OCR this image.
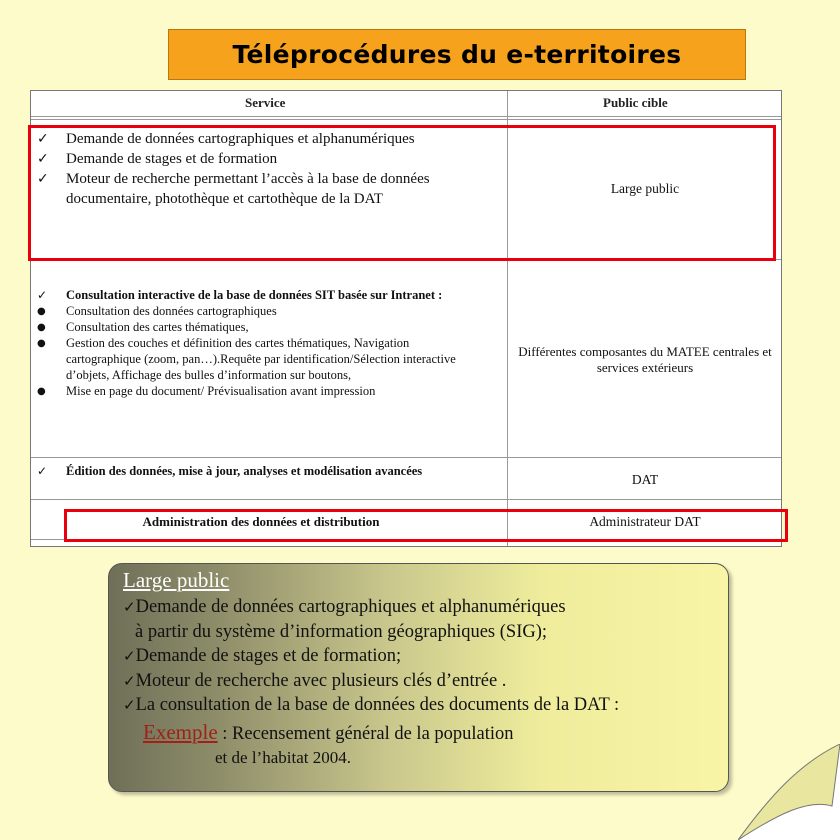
Téléprocédures du e-territoires
Service	Public cible
✓ Demande de données cartographiques et alphanumériques
✓ Demande de stages et de formation
✓ Moteur de recherche permettant l’accès à la base de données documentaire, photothèque et cartothèque de la DAT
Large public
✓ Consultation interactive de la base de données SIT basée sur Intranet :
● Consultation des données cartographiques
● Consultation des cartes thématiques,
● Gestion des couches et définition des cartes thématiques, Navigation cartographique (zoom, pan…).Requête par identification/Sélection interactive d’objets, Affichage des bulles d’information sur boutons,
● Mise en page du document/ Prévisualisation avant impression
Différentes composantes du MATEE centrales et services extérieurs
✓ Édition des données, mise à jour, analyses et modélisation avancées
DAT
Administration des données et distribution	Administrateur DAT
Large public
✓Demande de données cartographiques et alphanumériques
à partir du système d’information géographiques (SIG);
✓Demande de stages et de formation;
✓Moteur de recherche avec plusieurs clés d’entrée .
✓La consultation de la base de données des documents de la DAT :
Exemple : Recensement général de la population
et de l’habitat 2004.
